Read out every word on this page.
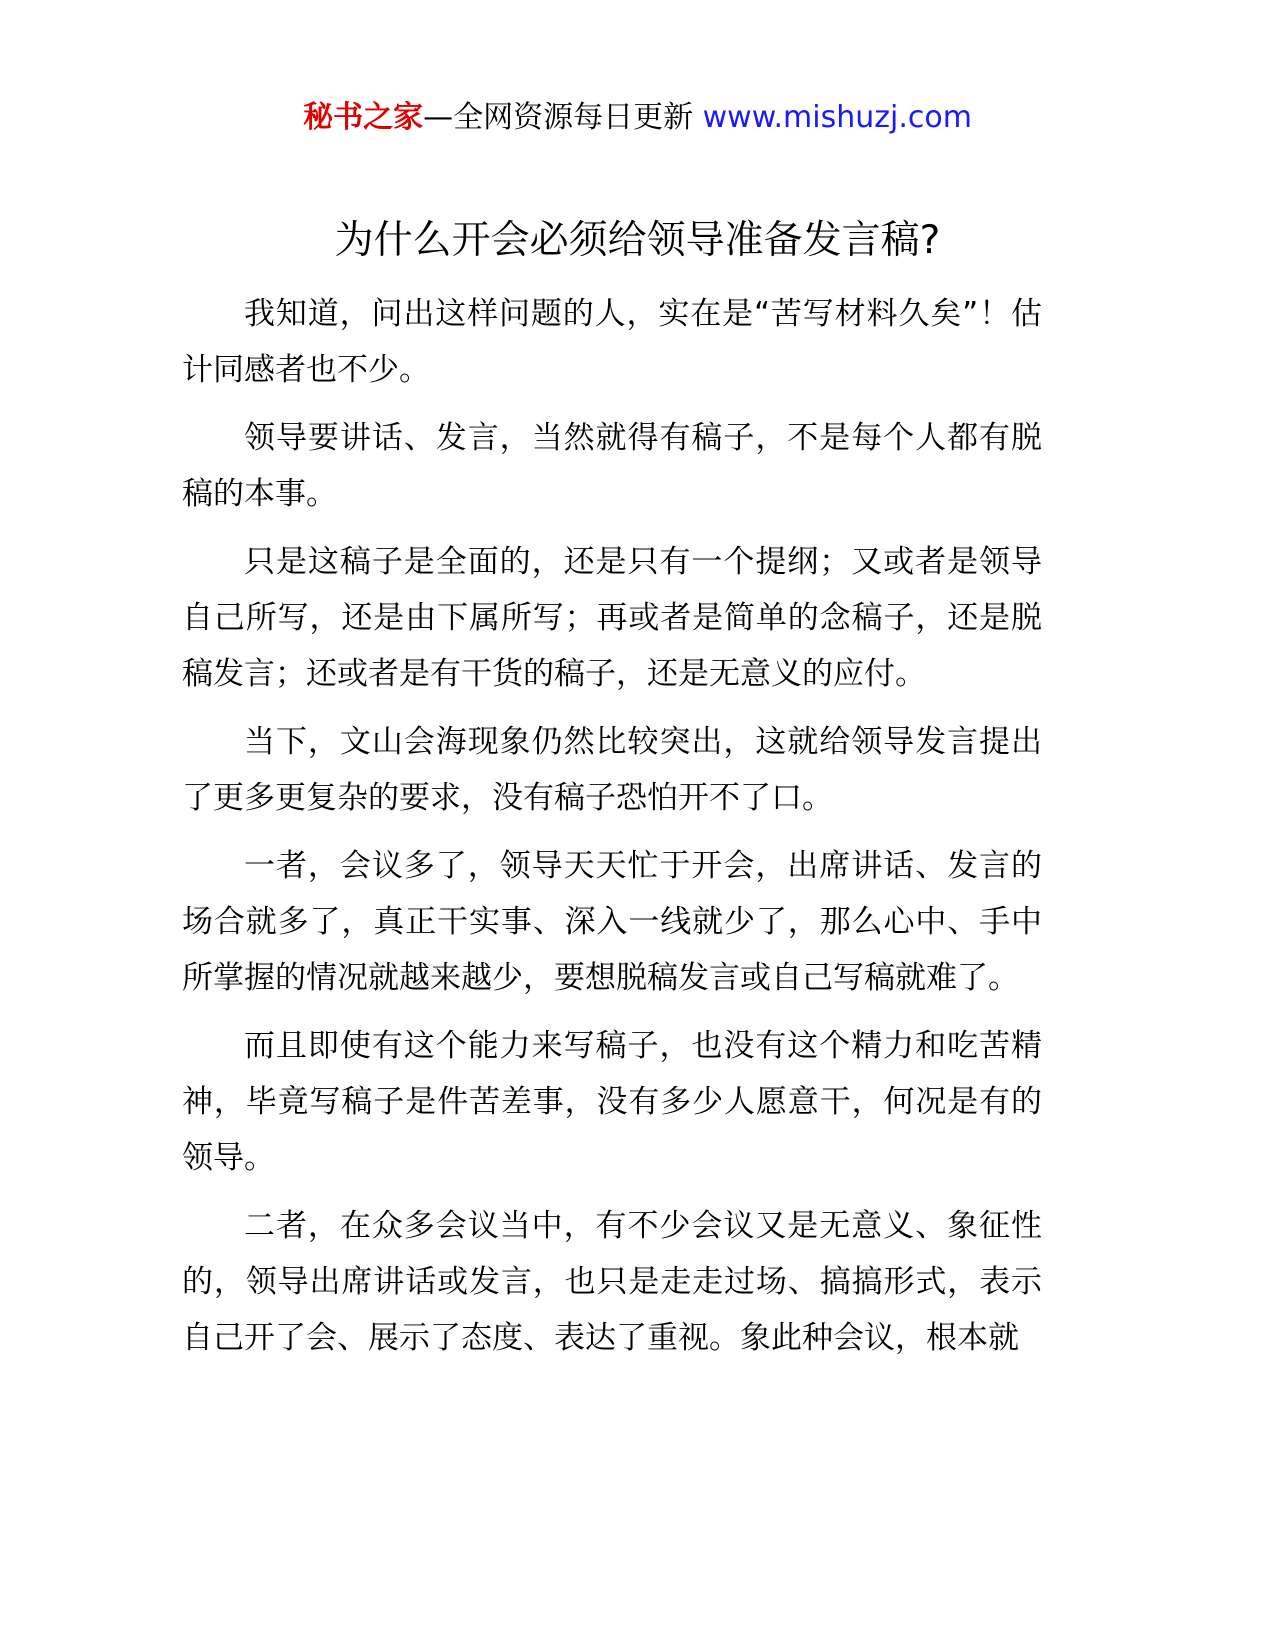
秘书之家—全网资源每日更新 www.mishuzj.com
为什么开会必须给领导准备发言稿?

我知道，问出这样问题的人，实在是“苦写材料久矣”！估计同感者也不少。

领导要讲话、发言，当然就得有稿子，不是每个人都有脱稿的本事。

只是这稿子是全面的，还是只有一个提纲；又或者是领导自己所写，还是由下属所写；再或者是简单的念稿子，还是脱稿发言；还或者是有干货的稿子，还是无意义的应付。

当下，文山会海现象仍然比较突出，这就给领导发言提出了更多更复杂的要求，没有稿子恐怕开不了口。

一者，会议多了，领导天天忙于开会，出席讲话、发言的场合就多了，真正干实事、深入一线就少了，那么心中、手中所掌握的情况就越来越少，要想脱稿发言或自己写稿就难了。

而且即使有这个能力来写稿子，也没有这个精力和吃苦精神，毕竟写稿子是件苦差事，没有多少人愿意干，何况是有的领导。

二者，在众多会议当中，有不少会议又是无意义、象征性的，领导出席讲话或发言，也只是走走过场、搞搞形式，表示自己开了会、展示了态度、表达了重视。象此种会议，根本就
